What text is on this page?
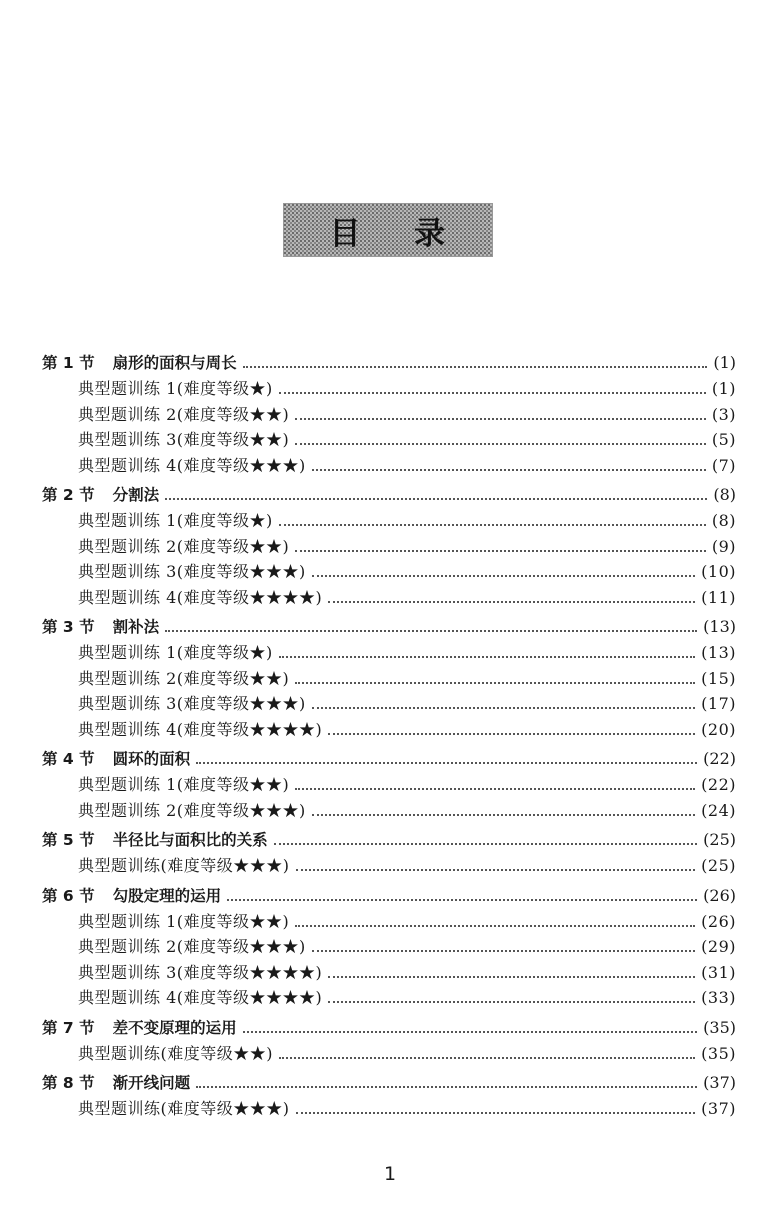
目 录
第 1 节 扇形的面积与周长	(1)
典型题训练 1(难度等级★)	(1)
典型题训练 2(难度等级★★)	(3)
典型题训练 3(难度等级★★)	(5)
典型题训练 4(难度等级★★★)	(7)
第 2 节 分割法	(8)
典型题训练 1(难度等级★)	(8)
典型题训练 2(难度等级★★)	(9)
典型题训练 3(难度等级★★★)	(10)
典型题训练 4(难度等级★★★★)	(11)
第 3 节 割补法	(13)
典型题训练 1(难度等级★)	(13)
典型题训练 2(难度等级★★)	(15)
典型题训练 3(难度等级★★★)	(17)
典型题训练 4(难度等级★★★★)	(20)
第 4 节 圆环的面积	(22)
典型题训练 1(难度等级★★)	(22)
典型题训练 2(难度等级★★★)	(24)
第 5 节 半径比与面积比的关系	(25)
典型题训练(难度等级★★★)	(25)
第 6 节 勾股定理的运用	(26)
典型题训练 1(难度等级★★)	(26)
典型题训练 2(难度等级★★★)	(29)
典型题训练 3(难度等级★★★★)	(31)
典型题训练 4(难度等级★★★★)	(33)
第 7 节 差不变原理的运用	(35)
典型题训练(难度等级★★)	(35)
第 8 节 渐开线问题	(37)
典型题训练(难度等级★★★)	(37)
1
